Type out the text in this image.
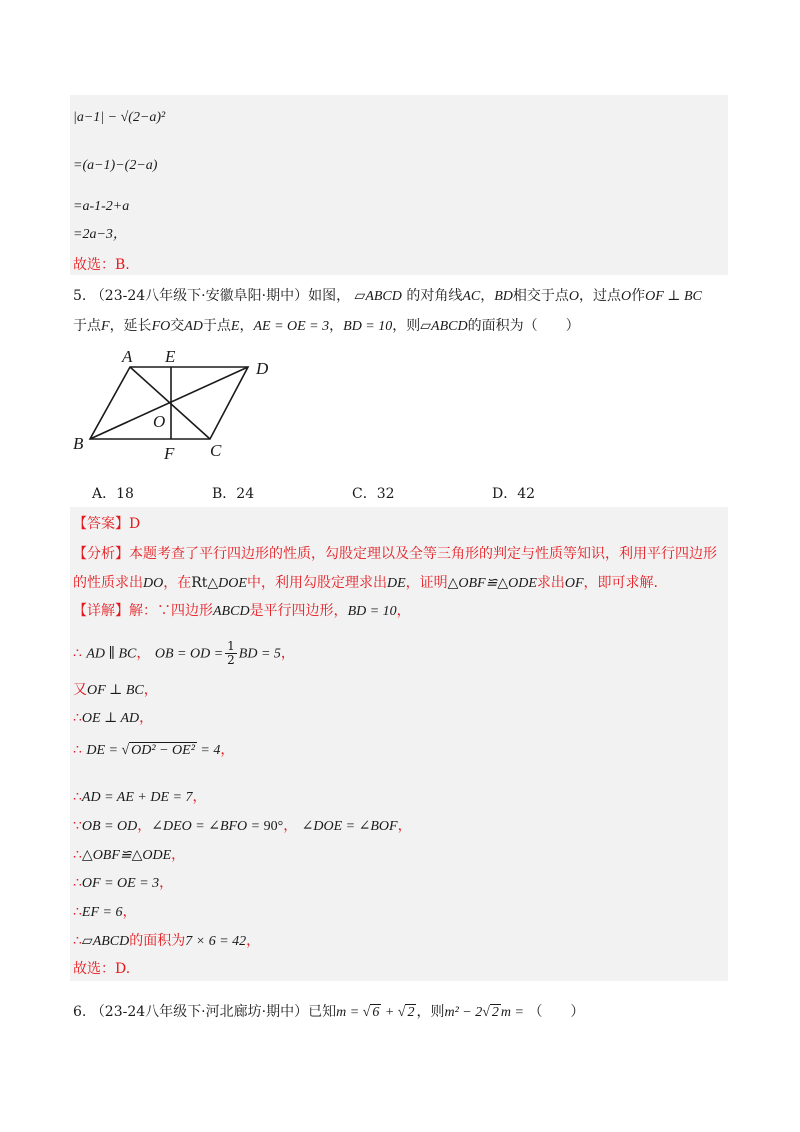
|a−1| − √(2−a)²
=(a−1)−(2−a)
=a‑1‑2+a
=2a−3，
故选：B.
5. （23-24八年级下·安徽阜阳·期中）如图， ▱ABCD 的对角线AC，BD相交于点O，过点O作OF ⊥ BC
于点F，延长FO交AD于点E，AE = OE = 3，BD = 10，则▱ABCD的面积为（　　）
A E
D
B
O
F C
A．18	B．24	C．32	D．42
【答案】D
【分析】本题考查了平行四边形的性质，勾股定理以及全等三角形的判定与性质等知识，利用平行四边形
的性质求出DO，在Rt△DOE中，利用勾股定理求出DE，证明△OBF≌△ODE求出OF，即可求解.
【详解】解：∵四边形ABCD是平行四边形，BD = 10，
∴ AD ∥ BC， OB = OD = $\frac{1}{2}$ BD = 5，
又OF ⊥ BC，
∴OE ⊥ AD，
∴ DE = √ OD² − OE² = 4，
∴AD = AE + DE = 7，
∵OB = OD，∠DEO = ∠BFO = 90°， ∠DOE = ∠BOF，
∴△OBF≌△ODE，
∴OF = OE = 3，
∴EF = 6，
∴▱ABCD的面积为7 × 6 = 42，
故选：D.
6. （23-24八年级下·河北廊坊·期中）已知m = √ 6 + √ 2 ，则m² − 2√ 2 m = （　　）
